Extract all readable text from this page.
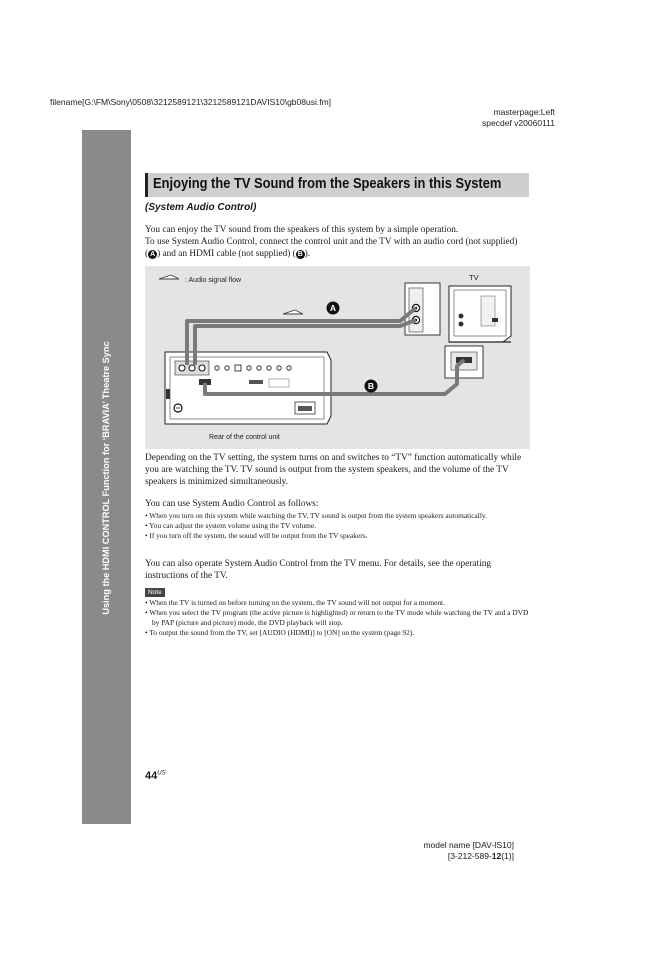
filename[G:\FM\Sony\0508\3212589121\3212589121DAVIS10\gb08usi.fm]
masterpage:Left
specdef v20060111
Using the HDMI CONTROL Function for ‘BRAVIA’ Theatre Sync
Enjoying the TV Sound from the Speakers in this System
(System Audio Control)
You can enjoy the TV sound from the speakers of this system by a simple operation.
To use System Audio Control, connect the control unit and the TV with an audio cord (not supplied)
( A ) and an HDMI cable (not supplied) ( B ).
: Audio signal flow	TV
A
B
Rear of the control unit
Depending on the TV setting, the system turns on and switches to “TV” function automatically while you are watching the TV. TV sound is output from the system speakers, and the volume of the TV speakers is minimized simultaneously.
You can use System Audio Control as follows:
• When you turn on this system while watching the TV, TV sound is output from the system speakers automatically.
• You can adjust the system volume using the TV volume.
• If you turn off the system, the sound will be output from the TV speakers.
You can also operate System Audio Control from the TV menu. For details, see the operating instructions of the TV.
Note
• When the TV is turned on before turning on the system, the TV sound will not output for a moment.
• When you select the TV program (the active picture is highlighted) or return to the TV mode while watching the TV and a DVD by PAP (picture and picture) mode, the DVD playback will stop.
• To output the sound from the TV, set [AUDIO (HDMI)] to [ON] on the system (page 92).
$44^{US}$
model name [DAV-IS10]
[3-212-589-12(1)]
